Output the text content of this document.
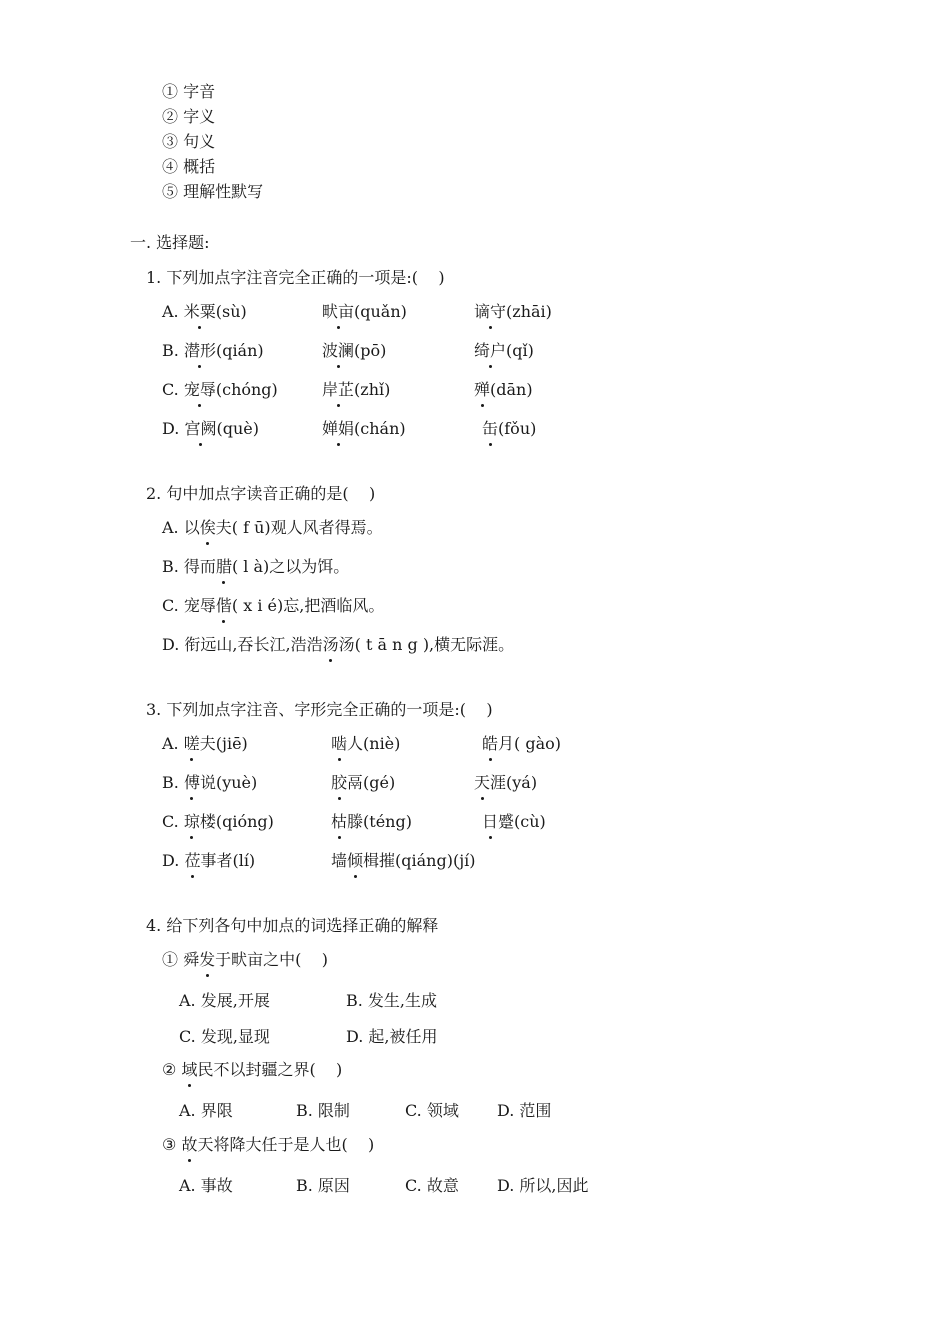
① 字音
② 字义
③ 句义
④ 概括
⑤ 理解性默写
一. 选择题:
1. 下列加点字注音完全正确的一项是:(    )
A. 米粟(sù)	畎亩(quǎn)	谪守(zhāi)
B. 潜形(qián)	波澜(pō)	绮户(qǐ)
C. 宠辱(chóng)	岸芷(zhǐ)	殚(dān)
D. 宫阙(què)	婵娟(chán)	缶(fǒu)
2. 句中加点字读音正确的是(    )
A. 以俟夫( f ū)观人风者得焉。
B. 得而腊( l à)之以为饵。
C. 宠辱偕( x i é)忘,把酒临风。
D. 衔远山,吞长江,浩浩汤汤( t ā n g ),横无际涯。
3. 下列加点字注音、字形完全正确的一项是:(    )
A. 嗟夫(jiē)	啮人(niè)	皓月( gào)
B. 傅说(yuè)	胶鬲(gé)	天涯(yá)
C. 琼楼(qióng)	枯滕(téng)	日蹙(cù)
D. 莅事者(lí)	墙倾楫摧(qiáng)(jí)
4. 给下列各句中加点的词选择正确的解释
① 舜发于畎亩之中(    )
A. 发展,开展	B. 发生,生成
C. 发现,显现	D. 起,被任用
② 域民不以封疆之界(    )
A. 界限	B. 限制	C. 领域 D. 范围
③ 故天将降大任于是人也(    )
A. 事故	B. 原因	C. 故意 D. 所以,因此
